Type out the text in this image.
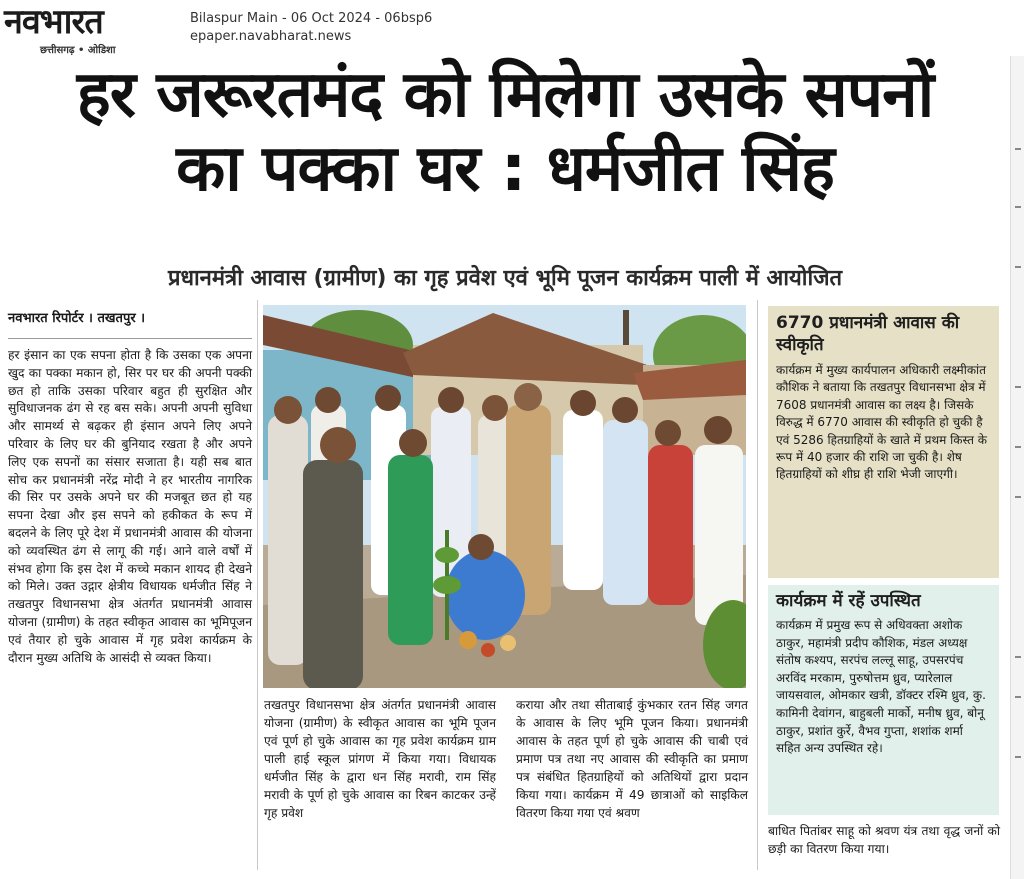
नवभारत
छत्तीसगढ़ • ओडिशा
Bilaspur Main - 06 Oct 2024 - 06bsp6
epaper.navabharat.news
हर जरूरतमंद को मिलेगा उसके सपनों
का पक्का घर : धर्मजीत सिंह
प्रधानमंत्री आवास (ग्रामीण) का गृह प्रवेश एवं भूमि पूजन कार्यक्रम पाली में आयोजित
नवभारत रिपोर्टर । तखतपुर ।

हर इंसान का एक सपना होता है कि उसका एक अपना खुद का पक्का मकान हो, सिर पर घर की अपनी पक्की छत हो ताकि उसका परिवार बहुत ही सुरक्षित और सुविधाजनक ढंग से रह बस सके। अपनी अपनी सुविधा और सामर्थ्य से बढ़कर ही इंसान अपने लिए अपने परिवार के लिए घर की बुनियाद रखता है और अपने लिए एक सपनों का संसार सजाता है। यही सब बात सोच कर प्रधानमंत्री नरेंद्र मोदी ने हर भारतीय नागरिक की सिर पर उसके अपने घर की मजबूत छत हो यह सपना देखा और इस सपने को हकीकत के रूप में बदलने के लिए पूरे देश में प्रधानमंत्री आवास की योजना को व्यवस्थित ढंग से लागू की गई। आने वाले वर्षों में संभव होगा कि इस देश में कच्चे मकान शायद ही देखने को मिले। उक्त उद्गार क्षेत्रीय विधायक धर्मजीत सिंह ने तखतपुर विधानसभा क्षेत्र अंतर्गत प्रधानमंत्री आवास योजना (ग्रामीण) के तहत स्वीकृत आवास का भूमिपूजन एवं तैयार हो चुके आवास में गृह प्रवेश कार्यक्रम के दौरान मुख्य अतिथि के आसंदी से व्यक्त किया।

तखतपुर विधानसभा क्षेत्र अंतर्गत प्रधानमंत्री आवास योजना (ग्रामीण) के स्वीकृत आवास का भूमि पूजन एवं पूर्ण हो चुके आवास का गृह प्रवेश कार्यक्रम ग्राम पाली हाई स्कूल प्रांगण में किया गया। विधायक धर्मजीत सिंह के द्वारा धन सिंह मरावी, राम सिंह मरावी के पूर्ण हो चुके आवास का रिबन काटकर उन्हें गृह प्रवेश

कराया और तथा सीताबाई कुंभकार रतन सिंह जगत के आवास के लिए भूमि पूजन किया। प्रधानमंत्री आवास के तहत पूर्ण हो चुके आवास की चाबी एवं प्रमाण पत्र तथा नए आवास की स्वीकृति का प्रमाण पत्र संबंधित हितग्राहियों को अतिथियों द्वारा प्रदान किया गया। कार्यक्रम में 49 छात्राओं को साइकिल वितरण किया गया एवं श्रवण

6770 प्रधानमंत्री आवास की स्वीकृति

कार्यक्रम में मुख्य कार्यपालन अधिकारी लक्ष्मीकांत कौशिक ने बताया कि तखतपुर विधानसभा क्षेत्र में 7608 प्रधानमंत्री आवास का लक्ष्य है। जिसके विरुद्ध में 6770 आवास की स्वीकृति हो चुकी है एवं 5286 हितग्राहियों के खाते में प्रथम किस्त के रूप में 40 हजार की राशि जा चुकी है। शेष हितग्राहियों को शीघ्र ही राशि भेजी जाएगी।

कार्यक्रम में रहें उपस्थित

कार्यक्रम में प्रमुख रूप से अधिवक्ता अशोक ठाकुर, महामंत्री प्रदीप कौशिक, मंडल अध्यक्ष संतोष कश्यप, सरपंच लल्लू साहू, उपसरपंच अरविंद मरकाम, पुरुषोत्तम ध्रुव, प्यारेलाल जायसवाल, ओमकार खत्री, डॉक्टर रश्मि ध्रुव, कु. कामिनी देवांगन, बाहुबली मार्को, मनीष ध्रुव, बोनू ठाकुर, प्रशांत कुर्रे, वैभव गुप्ता, शशांक शर्मा सहित अन्य उपस्थित रहे।

बाधित पितांबर साहू को श्रवण यंत्र तथा वृद्ध जनों को छड़ी का वितरण किया गया।
